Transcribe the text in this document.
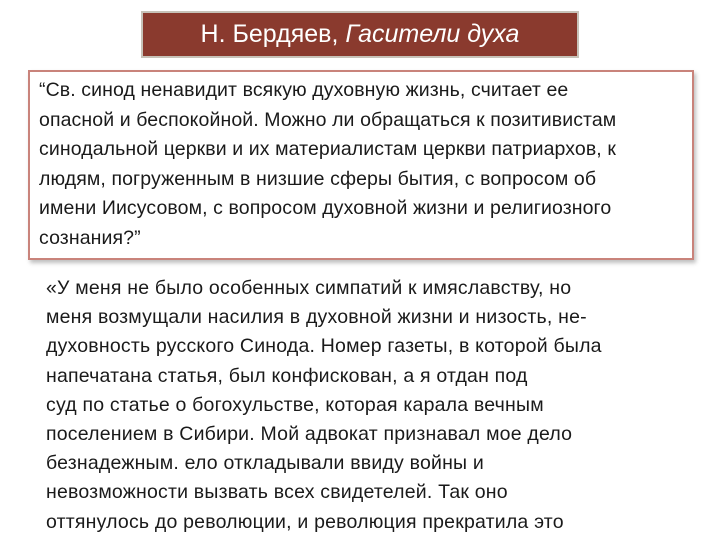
Н. Бердяев,
Гасители духа
“Св. синод ненавидит всякую духовную жизнь, считает ее
опасной и беспокойной. Можно ли обращаться к позитивистам
синодальной церкви и их материалистам церкви патриархов, к
людям, погруженным в низшие сферы бытия, с вопросом об
имени Иисусовом, с вопросом духовной жизни и религиозного
сознания?”
«У меня не было особенных симпатий к имяславству, но
меня возмущали насилия в духовной жизни и низость, не-
духовность русского Синода. Номер газеты, в которой была
напечатана статья, был конфискован, а я отдан под
суд по статье о богохульстве, которая карала вечным
поселением в Сибири. Мой адвокат признавал мое дело
безнадежным. ело откладывали ввиду войны и
невозможности вызвать всех свидетелей. Так оно
оттянулось до революции, и революция прекратила это
